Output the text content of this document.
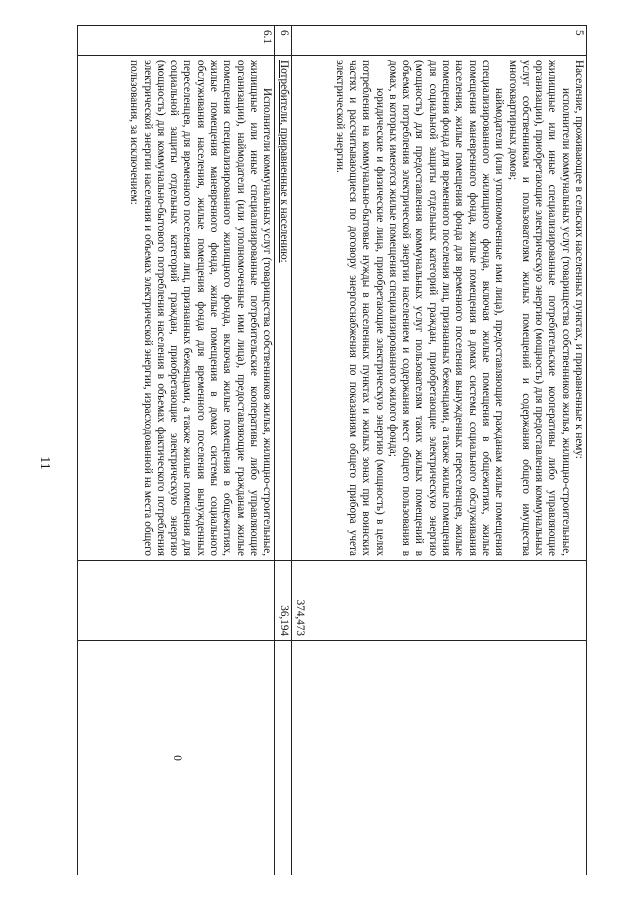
11
5	Население, проживающее в сельских населенных пунктах, и приравненные к нему:

исполнители коммунальных услуг (товарищества собственников жилья, жилищно-строительные, жилищные или иные специализированные потребительские кооперативы либо управляющие организации), приобретающие электрическую энергию (мощность) для предоставления коммунальных услуг собственникам и пользователям жилых помещений и содержания общего имущества многоквартирных домов;

наймодатели (или уполномоченные ими лица), предоставляющие гражданам жилые помещения специализированного жилищного фонда, включая жилые помещения в общежитиях, жилые помещения маневренного фонда, жилые помещения в домах системы социального обслуживания населения, жилые помещения фонда для временного поселения вынужденных переселенцев, жилые помещения фонда для временного поселения лиц, признанных беженцами, а также жилые помещения для социальной защиты отдельных категорий граждан, приобретающие электрическую энергию (мощность) для предоставления коммунальных услуг пользователям таких жилых помещений в объемах потребления электрической энергии населением и содержания мест общего пользования в домах, в которых имеются жилые помещения специализированного жилого фонда;

юридические и физические лица, приобретающие электрическую энергию (мощность) в целях потребления на коммунально-бытовые нужды в населенных пунктах и жилых зонах при воинских частях и рассчитывающиеся по договору энергоснабжения по показаниям общего прибора учета электрической энергии.	374,473	
6	Потребители, приравненные к населению:	36,194	
6.1	Исполнители коммунальных услуг (товарищества собственников жилья, жилищно-строительные, жилищные или иные специализированные потребительские кооперативы либо управляющие организации), наймодатели (или уполномоченные ими лица), предоставляющие гражданам жилые помещения специализированного жилищного фонда, включая жилые помещения в общежитиях, жилые помещения маневренного фонда, жилые помещения в домах системы социального обслуживания населения, жилые помещения фонда для временного поселения вынужденных переселенцев, для временного поселения лиц, признанных беженцами, а также жилые помещения для социальной защиты отдельных категорий граждан, приобретающие электрическую энергию (мощность) для коммунально-бытового потребления населения в объемах фактического потребления электрической энергии населения и объемах электрической энергии, израсходованной на места общего пользования, за исключением:		0
